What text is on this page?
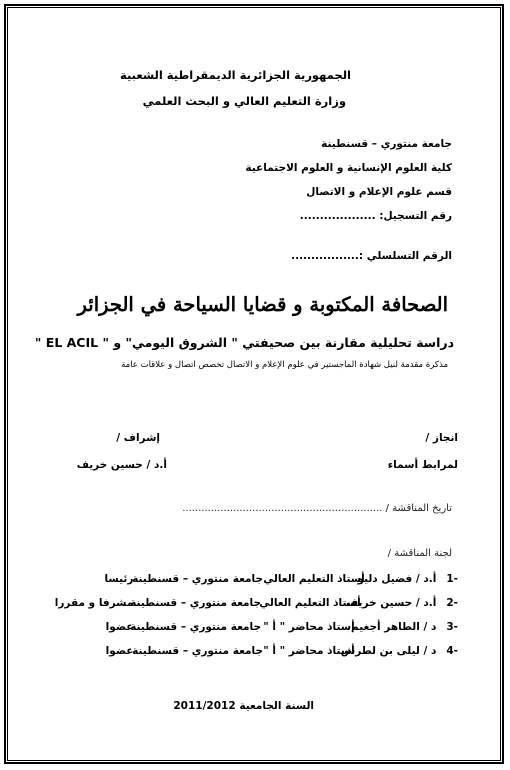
الجمهورية الجزائرية الديمقراطية الشعبية
وزارة التعليم العالي و البحث العلمي
جامعة منتوري – قسنطينة
كلية العلوم الإنسانية و العلوم الاجتماعية
قسم علوم الإعلام و الاتصال
رقم التسجيل: ...................
الرقم التسلسلي :.................
الصحافة المكتوبة و قضايا السياحة في الجزائر
دراسة تحليلية مقارنة بين صحيفتي " الشروق اليومي" و " EL ACIL "
مذكرة مقدمة لنيل شهادة الماجستير في علوم الإعلام و الاتصال تخصص اتصال و علاقات عامة
انجاز /
لمرابط أسماء
إشراف /
أ.د / حسين خريف
تاريخ المناقشة / ...............................................................
لجنة المناقشة /
-1 أ.د / فضيل دليو أستاذ التعليم العالي جامعة منتوري – قسنطينة رئيسا
-2 أ.د / حسين خريف أستاذ التعليم العالي جامعة منتوري – قسنطينة مشرفا و مقررا
-3 د / الطاهر أجغيم أستاذ محاضر " أ " جامعة منتوري – قسنطينة عضوا
-4 د / ليلى بن لطرش أستاذ محاضر " أ " جامعة منتوري – قسنطينة عضوا
السنة الجامعية 2011/2012
